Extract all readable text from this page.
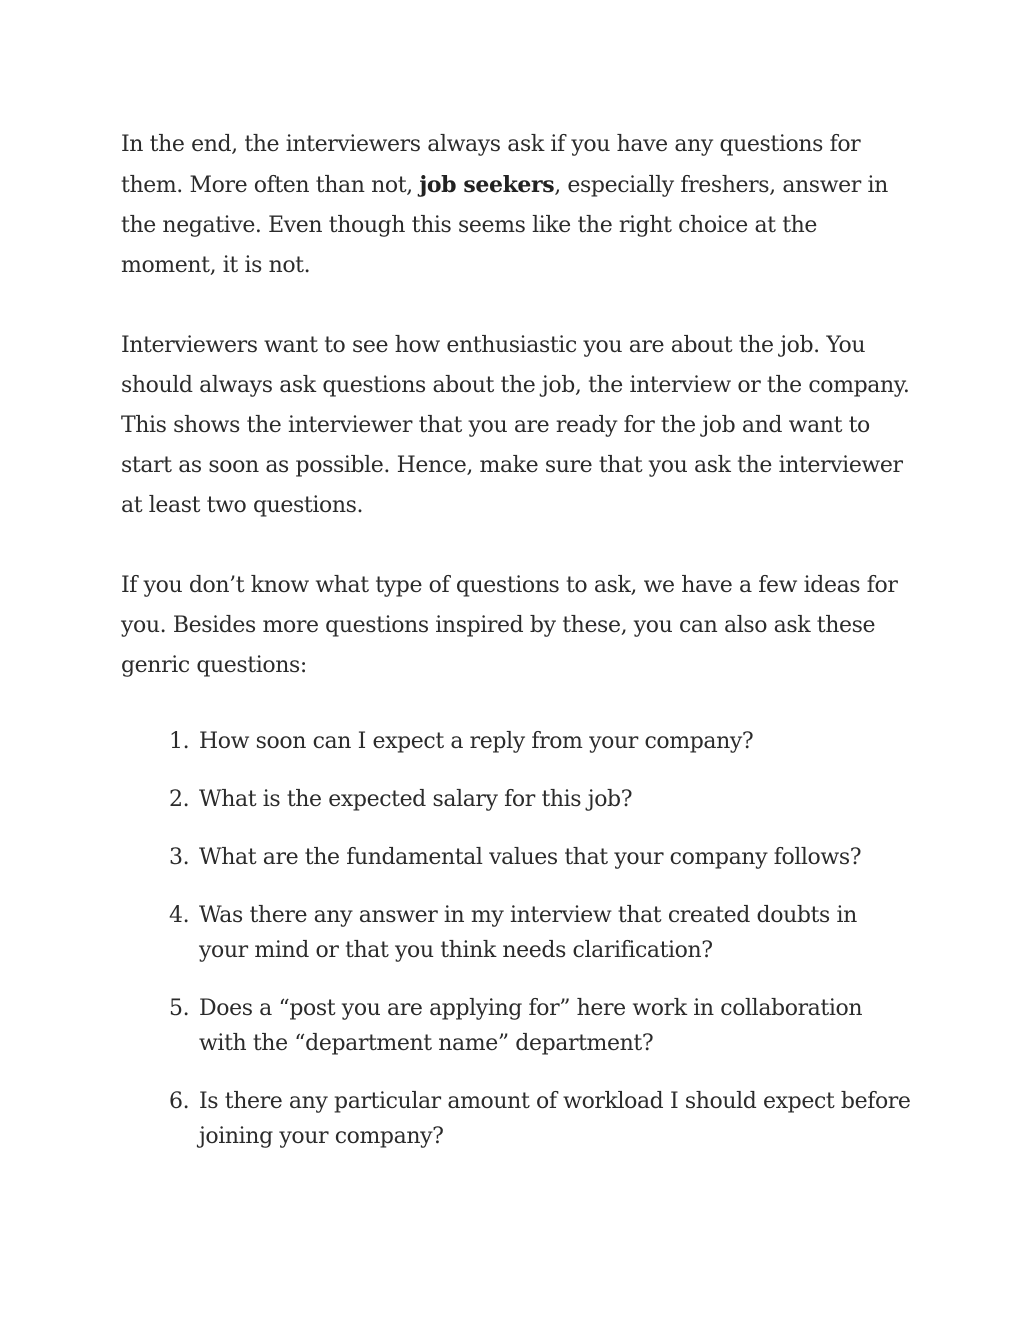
In the end, the interviewers always ask if you have any questions for them. More often than not, job seekers, especially freshers, answer in the negative. Even though this seems like the right choice at the moment, it is not.

Interviewers want to see how enthusiastic you are about the job. You should always ask questions about the job, the interview or the company. This shows the interviewer that you are ready for the job and want to start as soon as possible. Hence, make sure that you ask the interviewer at least two questions.

If you don’t know what type of questions to ask, we have a few ideas for you. Besides more questions inspired by these, you can also ask these genric questions:

1. How soon can I expect a reply from your company?
2. What is the expected salary for this job?
3. What are the fundamental values that your company follows?
4. Was there any answer in my interview that created doubts in your mind or that you think needs clarification?
5. Does a “post you are applying for” here work in collaboration with the “department name” department?
6. Is there any particular amount of workload I should expect before joining your company?
